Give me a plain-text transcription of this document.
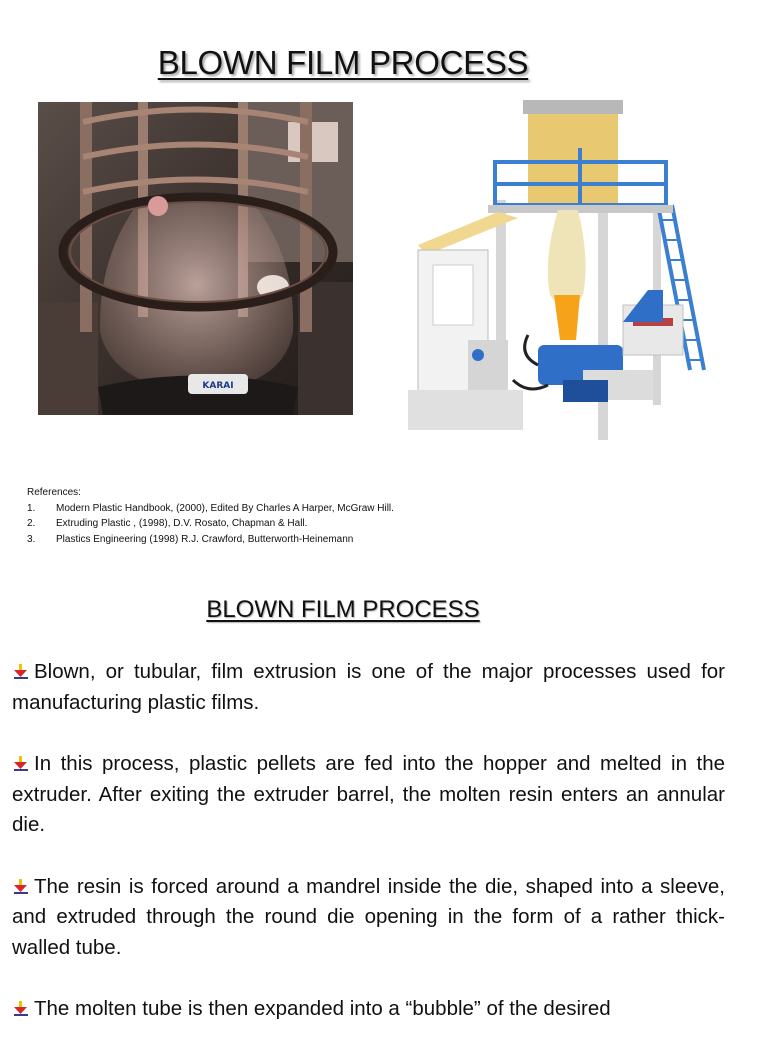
BLOWN FILM PROCESS
KARAI
References:
1.	Modern Plastic Handbook, (2000), Edited By Charles A Harper, McGraw Hill.
2.	Extruding Plastic , (1998), D.V. Rosato, Chapman & Hall.
3.	Plastics Engineering (1998) R.J. Crawford, Butterworth-Heinemann
BLOWN FILM PROCESS

Blown, or tubular, film extrusion is one of the major processes used for manufacturing plastic films.

In this process, plastic pellets are fed into the hopper and melted in the extruder. After exiting the extruder barrel, the molten resin enters an annular die.

The resin is forced around a mandrel inside the die, shaped into a sleeve, and extruded through the round die opening in the form of a rather thick-walled tube.

The molten tube is then expanded into a “bubble” of the desired
